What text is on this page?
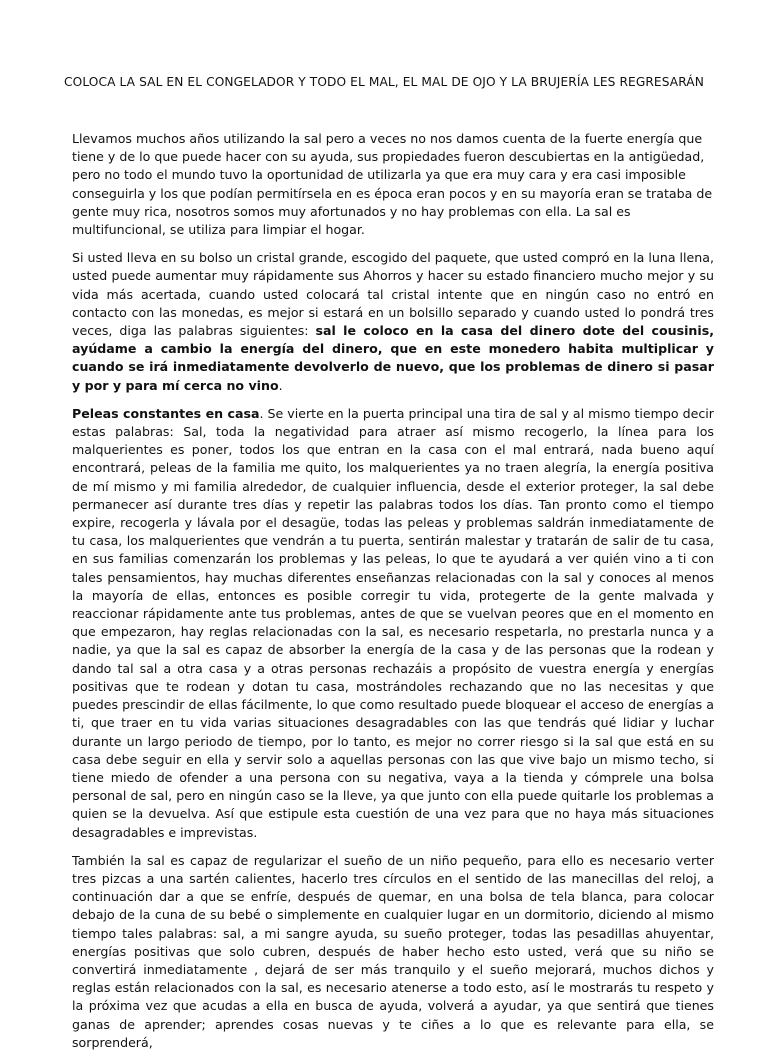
COLOCA LA SAL EN EL CONGELADOR Y TODO EL MAL, EL MAL DE OJO Y LA BRUJERÍA LES REGRESARÁN

Llevamos muchos años utilizando la sal pero a veces no nos damos cuenta de la fuerte energía que tiene y de lo que puede hacer con su ayuda, sus propiedades fueron descubiertas en la antigüedad, pero no todo el mundo tuvo la oportunidad de utilizarla ya que era muy cara y era casi imposible conseguirla y los que podían permitírsela en es época eran pocos y en su mayoría eran se trataba de gente muy rica, nosotros somos muy afortunados y no hay problemas con ella. La sal es multifuncional, se utiliza para limpiar el hogar.

Si usted lleva en su bolso un cristal grande, escogido del paquete, que usted compró en la luna llena, usted puede aumentar muy rápidamente sus Ahorros y hacer su estado financiero mucho mejor y su vida más acertada, cuando usted colocará tal cristal intente que en ningún caso no entró en contacto con las monedas, es mejor si estará en un bolsillo separado y cuando usted lo pondrá tres veces, diga las palabras siguientes: sal le coloco en la casa del dinero dote del cousinis, ayúdame a cambio la energía del dinero, que en este monedero habita multiplicar y cuando se irá inmediatamente devolverlo de nuevo, que los problemas de dinero si pasar y por y para mí cerca no vino.

Peleas constantes en casa. Se vierte en la puerta principal una tira de sal y al mismo tiempo decir estas palabras: Sal, toda la negatividad para atraer así mismo recogerlo, la línea para los malquerientes es poner, todos los que entran en la casa con el mal entrará, nada bueno aquí encontrará, peleas de la familia me quito, los malquerientes ya no traen alegría, la energía positiva de mí mismo y mi familia alrededor, de cualquier influencia, desde el exterior proteger, la sal debe permanecer así durante tres días y repetir las palabras todos los días. Tan pronto como el tiempo expire, recogerla y lávala por el desagüe, todas las peleas y problemas saldrán inmediatamente de tu casa, los malquerientes que vendrán a tu puerta, sentirán malestar y tratarán de salir de tu casa, en sus familias comenzarán los problemas y las peleas, lo que te ayudará a ver quién vino a ti con tales pensamientos, hay muchas diferentes enseñanzas relacionadas con la sal y conoces al menos la mayoría de ellas, entonces es posible corregir tu vida, protegerte de la gente malvada y reaccionar rápidamente ante tus problemas, antes de que se vuelvan peores que en el momento en que empezaron, hay reglas relacionadas con la sal, es necesario respetarla, no prestarla nunca y a nadie, ya que la sal es capaz de absorber la energía de la casa y de las personas que la rodean y dando tal sal a otra casa y a otras personas rechazáis a propósito de vuestra energía y energías positivas que te rodean y dotan tu casa, mostrándoles rechazando que no las necesitas y que puedes prescindir de ellas fácilmente, lo que como resultado puede bloquear el acceso de energías a ti, que traer en tu vida varias situaciones desagradables con las que tendrás qué lidiar y luchar durante un largo periodo de tiempo, por lo tanto, es mejor no correr riesgo si la sal que está en su casa debe seguir en ella y servir solo a aquellas personas con las que vive bajo un mismo techo, si tiene miedo de ofender a una persona con su negativa, vaya a la tienda y cómprele una bolsa personal de sal, pero en ningún caso se la lleve, ya que junto con ella puede quitarle los problemas a quien se la devuelva. Así que estipule esta cuestión de una vez para que no haya más situaciones desagradables e imprevistas.

También la sal es capaz de regularizar el sueño de un niño pequeño, para ello es necesario verter tres pizcas a una sartén calientes, hacerlo tres círculos en el sentido de las manecillas del reloj, a continuación dar a que se enfríe, después de quemar, en una bolsa de tela blanca, para colocar debajo de la cuna de su bebé o simplemente en cualquier lugar en un dormitorio, diciendo al mismo tiempo tales palabras: sal, a mi sangre ayuda, su sueño proteger, todas las pesadillas ahuyentar, energías positivas que solo cubren, después de haber hecho esto usted, verá que su niño se convertirá inmediatamente , dejará de ser más tranquilo y el sueño mejorará, muchos dichos y reglas están relacionados con la sal, es necesario atenerse a todo esto, así le mostrarás tu respeto y la próxima vez que acudas a ella en busca de ayuda, volverá a ayudar, ya que sentirá que tienes ganas de aprender; aprendes cosas nuevas y te ciñes a lo que es relevante para ella, se sorprenderá,
